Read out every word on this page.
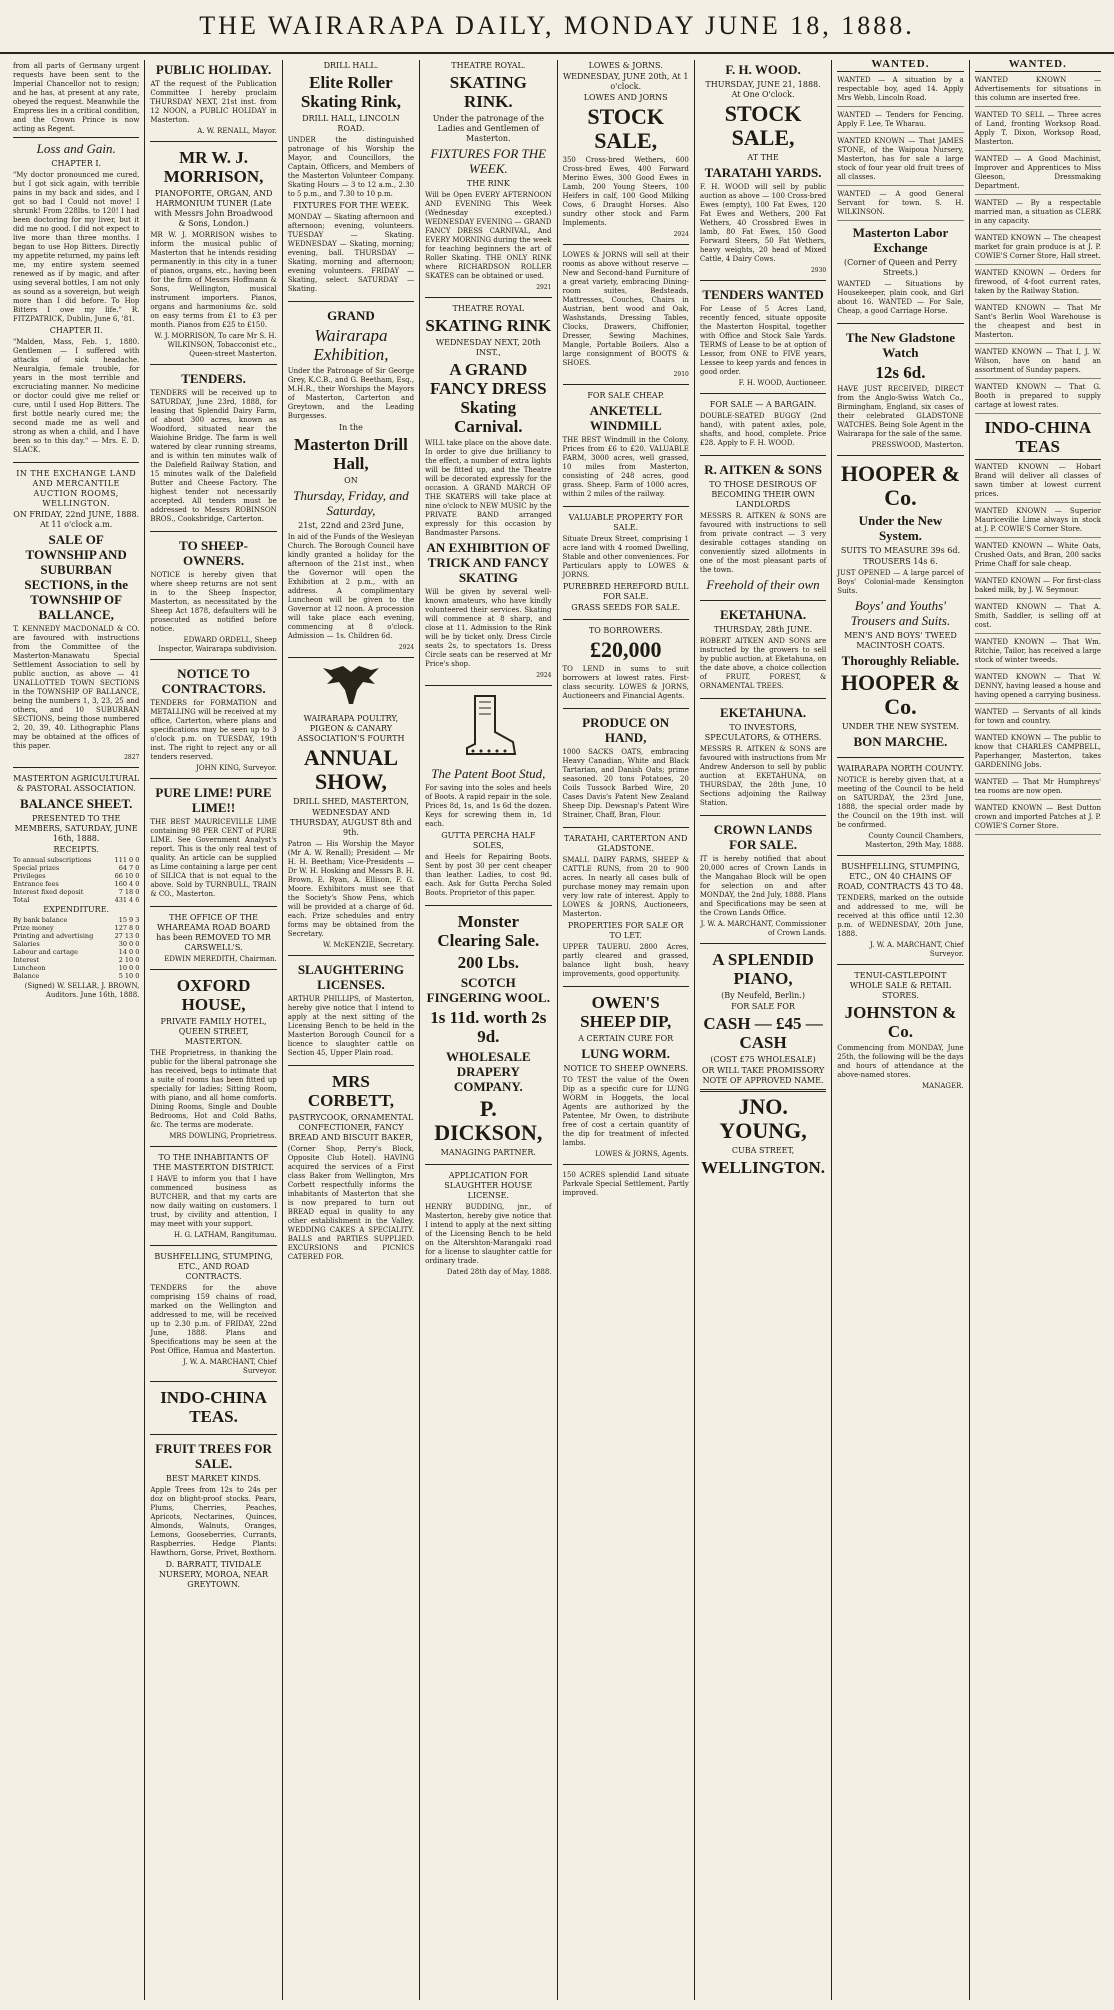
THE WAIRARAPA DAILY, MONDAY JUNE 18, 1888.
from all parts of Germany urgent requests have been sent to the Imperial Chancellor not to resign; and he has, at present at any rate, obeyed the request. Meanwhile the Empress lies in a critical condition, and the Crown Prince is now acting as Regent.
Loss and Gain.
CHAPTER I.
"My doctor pronounced me cured, but I got sick again, with terrible pains in my back and sides, and I got so bad I Could not move! I shrunk! From 228lbs. to 120! I had been doctoring for my liver, but it did me no good. I did not expect to live more than three months. I began to use Hop Bitters. Directly my appetite returned, my pains left me, my entire system seemed renewed as if by magic, and after using several bottles, I am not only as sound as a sovereign, but weigh more than I did before. To Hop Bitters I owe my life." R. FITZPATRICK, Dublin, June 6, '81.
CHAPTER II.
"Malden, Mass, Feb. 1, 1880. Gentlemen — I suffered with attacks of sick headache. Neuralgia, female trouble, for years in the most terrible and excruciating manner. No medicine or doctor could give me relief or cure, until I used Hop Bitters. The first bottle nearly cured me; the second made me as well and strong as when a child, and I have been so to this day." — Mrs. E. D. SLACK.
IN THE EXCHANGE LAND AND MERCANTILE AUCTION ROOMS, WELLINGTON.
ON FRIDAY, 22nd JUNE, 1888. At 11 o'clock a.m.
SALE OF TOWNSHIP AND SUBURBAN SECTIONS, in the TOWNSHIP OF BALLANCE,
T. KENNEDY MACDONALD & CO. are favoured with instructions from the Committee of the Masterton-Manawatu Special Settlement Association to sell by public auction, as above — 41 UNALLOTTED TOWN SECTIONS in the TOWNSHIP OF BALLANCE, being the numbers 1, 3, 23, 25 and others, and 10 SUBURBAN SECTIONS, being those numbered 2, 20, 39, 40. Lithographic Plans may be obtained at the offices of this paper.
2827
MASTERTON AGRICULTURAL & PASTORAL ASSOCIATION.
BALANCE SHEET.
PRESENTED TO THE MEMBERS, SATURDAY, JUNE 16th, 1888.
RECEIPTS.
To annual subscriptions	111 0 0
Special prizes	64 7 0
Privileges	66 10 0
Entrance fees	160 4 0
Interest fixed deposit	7 18 0
Total	431 4 6
EXPENDITURE.
By bank balance	15 9 3
Prize money	127 8 0
Printing and advertising	27 13 0
Salaries	30 0 0
Labour and cartage	14 0 0
Interest	2 10 0
Luncheon	10 0 0
Balance	5 10 0
(Signed) W. SELLAR, J. BROWN, Auditors. June 16th, 1888.
PUBLIC HOLIDAY.
AT the request of the Publication Committee I hereby proclaim THURSDAY NEXT, 21st inst. from 12 NOON, a PUBLIC HOLIDAY in Masterton.
A. W. RENALL, Mayor.
MR W. J. MORRISON,
PIANOFORTE, ORGAN, AND HARMONIUM TUNER (Late with Messrs John Broadwood & Sons, London.)
MR W. J. MORRISON wishes to inform the musical public of Masterton that he intends residing permanently in this city in a tuner of pianos, organs, etc., having been for the firm of Messrs Hoffmann & Sons, Wellington, musical instrument importers. Pianos, organs and harmoniums &c. sold on easy terms from £1 to £3 per month. Pianos from £25 to £150.
W. J. MORRISON, To care Mr S. H. WILKINSON, Tobacconist etc., Queen-street Masterton.
TENDERS.
TENDERS will be received up to SATURDAY, June 23rd, 1888, for leasing that Splendid Dairy Farm, of about 300 acres, known as Woodford, situated near the Waiohine Bridge. The farm is well watered by clear running streams, and is within ten minutes walk of the Dalefield Railway Station, and 15 minutes walk of the Dalefield Butter and Cheese Factory. The highest tender not necessarily accepted. All tenders must be addressed to Messrs ROBINSON BROS., Cooksbridge, Carterton.
TO SHEEP-OWNERS.
NOTICE is hereby given that where sheep returns are not sent in to the Sheep Inspector, Masterton, as necessitated by the Sheep Act 1878, defaulters will be prosecuted as notified before notice.
EDWARD ORDELL, Sheep Inspector, Wairarapa subdivision.
NOTICE TO CONTRACTORS.
TENDERS for FORMATION and METALLING will be received at my office, Carterton, where plans and specifications may be seen up to 3 o'clock p.m. on TUESDAY, 19th inst. The right to reject any or all tenders reserved.
JOHN KING, Surveyor.
PURE LIME! PURE LIME!!
THE BEST MAURICEVILLE LIME containing 98 PER CENT of PURE LIME. See Government Analyst's report. This is the only real test of quality. An article can be supplied as Lime containing a large per cent of SILICA that is not equal to the above. Sold by TURNBULL, TRAIN & CO., Masterton.
THE OFFICE OF THE WHAREAMA ROAD BOARD has been REMOVED TO MR CARSWELL'S.
EDWIN MEREDITH, Chairman.
OXFORD HOUSE,
PRIVATE FAMILY HOTEL, QUEEN STREET, MASTERTON.
THE Proprietress, in thanking the public for the liberal patronage she has received, begs to intimate that a suite of rooms has been fitted up specially for ladies; Sitting Room, with piano, and all home comforts. Dining Rooms, Single and Double Bedrooms, Hot and Cold Baths, &c. The terms are moderate.
MRS DOWLING, Proprietress.
TO THE INHABITANTS OF THE MASTERTON DISTRICT.
I HAVE to inform you that I have commenced business as BUTCHER, and that my carts are now daily waiting on customers. I trust, by civility and attention, I may meet with your support.
H. G. LATHAM, Rangitumau.
BUSHFELLING, STUMPING, ETC., AND ROAD CONTRACTS.
TENDERS for the above comprising 159 chains of road, marked on the Wellington and addressed to me, will be received up to 2.30 p.m. of FRIDAY, 22nd June, 1888. Plans and Specifications may be seen at the Post Office, Hamua and Masterton.
J. W. A. MARCHANT, Chief Surveyor.
INDO-CHINA TEAS.
FRUIT TREES FOR SALE.
BEST MARKET KINDS.
Apple Trees from 12s to 24s per doz on blight-proof stocks. Pears, Plums, Cherries, Peaches, Apricots, Nectarines, Quinces, Almonds, Walnuts, Oranges, Lemons, Gooseberries, Currants, Raspberries. Hedge Plants: Hawthorn, Gorse, Privet, Boxthorn.
D. BARRATT, TIVIDALE NURSERY, MOROA, NEAR GREYTOWN.
DRILL HALL.
Elite Roller Skating Rink,
DRILL HALL, LINCOLN ROAD.
UNDER the distinguished patronage of his Worship the Mayor, and Councillors, the Captain, Officers, and Members of the Masterton Volunteer Company. Skating Hours — 3 to 12 a.m., 2.30 to 5 p.m., and 7.30 to 10 p.m.
FIXTURES FOR THE WEEK.
MONDAY — Skating afternoon and afternoon; evening, volunteers. TUESDAY — Skating. WEDNESDAY — Skating, morning; evening, ball. THURSDAY — Skating, morning and afternoon; evening volunteers. FRIDAY — Skating, select. SATURDAY — Skating.
GRAND
Wairarapa Exhibition,
Under the Patronage of Sir George Grey, K.C.B., and G. Beetham, Esq., M.H.R., their Worships the Mayors of Masterton, Carterton and Greytown, and the Leading Burgesses.
In the
Masterton Drill Hall,
ON
Thursday, Friday, and Saturday,
21st, 22nd and 23rd June,
In aid of the Funds of the Wesleyan Church. The Borough Council have kindly granted a holiday for the afternoon of the 21st inst., when the Governor will open the Exhibition at 2 p.m., with an address. A complimentary Luncheon will be given to the Governor at 12 noon. A procession will take place each evening, commencing at 8 o'clock. Admission — 1s. Children 6d.
2924
WAIRARAPA POULTRY, PIGEON & CANARY ASSOCIATION'S FOURTH
ANNUAL SHOW,
DRILL SHED, MASTERTON,
WEDNESDAY AND THURSDAY, AUGUST 8th and 9th.
Patron — His Worship the Mayor (Mr A. W. Renall); President — Mr H. H. Beetham; Vice-Presidents — Dr W. H. Hosking and Messrs B. H. Brown, E. Ryan, A. Ellison, F. G. Moore. Exhibitors must see that the Society's Show Pens, which will be provided at a charge of 6d. each. Prize schedules and entry forms may be obtained from the Secretary.
W. McKENZIE, Secretary.
SLAUGHTERING LICENSES.
ARTHUR PHILLIPS, of Masterton, hereby give notice that I intend to apply at the next sitting of the Licensing Bench to be held in the Masterton Borough Council for a licence to slaughter cattle on Section 45, Upper Plain road.
MRS CORBETT,
PASTRYCOOK, ORNAMENTAL CONFECTIONER, FANCY BREAD AND BISCUIT BAKER,
(Corner Shop, Perry's Block, Opposite Club Hotel). HAVING acquired the services of a First class Baker from Wellington, Mrs Corbett respectfully informs the inhabitants of Masterton that she is now prepared to turn out BREAD equal in quality to any other establishment in the Valley. WEDDING CAKES A SPECIALITY. BALLS and PARTIES SUPPLIED. EXCURSIONS and PICNICS CATERED FOR.
THEATRE ROYAL.
SKATING RINK.
Under the patronage of the Ladies and Gentlemen of Masterton.
FIXTURES FOR THE WEEK.
THE RINK
Will be Open EVERY AFTERNOON AND EVENING This Week (Wednesday excepted.) WEDNESDAY EVENING — GRAND FANCY DRESS CARNIVAL, And EVERY MORNING during the week for teaching beginners the art of Roller Skating. THE ONLY RINK where RICHARDSON ROLLER SKATES can be obtained or used.
2921
THEATRE ROYAL
SKATING RINK
WEDNESDAY NEXT, 20th INST.,
A GRAND FANCY DRESS Skating Carnival.
WILL take place on the above date. In order to give due brilliancy to the effect, a number of extra lights will be fitted up, and the Theatre will be decorated expressly for the occasion. A GRAND MARCH OF THE SKATERS will take place at nine o'clock to NEW MUSIC by the PRIVATE BAND arranged expressly for this occasion by Bandmaster Parsons.
AN EXHIBITION OF TRICK AND FANCY SKATING
Will be given by several well-known amateurs, who have kindly volunteered their services. Skating will commence at 8 sharp, and close at 11. Admission to the Rink will be by ticket only. Dress Circle seats 2s, to spectators 1s. Dress Circle seats can be reserved at Mr Price's shop.
2924
The Patent Boot Stud,
For saving into the soles and heels of Boots. A rapid repair in the sole. Prices 8d, 1s, and 1s 6d the dozen. Keys for screwing them in, 1d each.
GUTTA PERCHA HALF SOLES,
and Heels for Repairing Boots. Sent by post 30 per cent cheaper than leather. Ladies, to cost 9d. each. Ask for Gutta Percha Soled Boots. Proprietor of this paper.
Monster Clearing Sale.
200 Lbs.
SCOTCH FINGERING WOOL.
1s 11d. worth 2s 9d.
WHOLESALE DRAPERY COMPANY.
P. DICKSON,
MANAGING PARTNER.
APPLICATION FOR SLAUGHTER HOUSE LICENSE.
HENRY BUDDING, jnr., of Masterton, hereby give notice that I intend to apply at the next sitting of the Licensing Bench to be held on the Altershton-Marangaki road for a license to slaughter cattle for ordinary trade.
Dated 28th day of May, 1888.
LOWES & JORNS.
WEDNESDAY, JUNE 20th, At 1 o'clock.
LOWES AND JORNS
STOCK SALE,
350 Cross-bred Wethers, 600 Cross-bred Ewes, 400 Forward Merino Ewes, 300 Good Ewes in Lamb, 200 Young Steers, 100 Heifers in calf, 100 Good Milking Cows, 6 Draught Horses. Also sundry other stock and Farm Implements.
2924
LOWES & JORNS will sell at their rooms as above without reserve — New and Second-hand Furniture of a great variety, embracing Dining-room suites, Bedsteads, Mattresses, Couches, Chairs in Austrian, bent wood and Oak, Washstands, Dressing Tables, Clocks, Drawers, Chiffonier, Dresser, Sewing Machines, Mangle, Portable Boilers. Also a large consignment of BOOTS & SHOES.
2910
FOR SALE CHEAP.
ANKETELL WINDMILL
THE BEST Windmill in the Colony. Prices from £6 to £20. VALUABLE FARM, 3000 acres, well grassed, 10 miles from Masterton, consisting of 248 acres, good grass. Sheep. Farm of 1000 acres, within 2 miles of the railway.
VALUABLE PROPERTY FOR SALE.
Situate Dreux Street, comprising 1 acre land with 4 roomed Dwelling, Stable and other conveniences. For Particulars apply to LOWES & JORNS.
PUREBRED HEREFORD BULL FOR SALE.
GRASS SEEDS FOR SALE.
TO BORROWERS.
£20,000
TO LEND in sums to suit borrowers at lowest rates. First-class security. LOWES & JORNS, Auctioneers and Financial Agents.
PRODUCE ON HAND,
1000 SACKS OATS, embracing Heavy Canadian, White and Black Tartarian, and Danish Oats; prime seasoned. 20 tons Potatoes, 20 Coils Tussock Barbed Wire, 20 Cases Davis's Patent New Zealand Sheep Dip. Dewsnap's Patent Wire Strainer, Chaff, Bran, Flour.
TARATAHI, CARTERTON AND GLADSTONE.
SMALL DAIRY FARMS, SHEEP & CATTLE RUNS, from 20 to 900 acres. In nearly all cases bulk of purchase money may remain upon very low rate of interest. Apply to LOWES & JORNS, Auctioneers, Masterton.
PROPERTIES FOR SALE OR TO LET.
UPPER TAUERU. 2800 Acres, partly cleared and grassed, balance light bush, heavy improvements, good opportunity.
OWEN'S SHEEP DIP,
A CERTAIN CURE FOR
LUNG WORM.
NOTICE TO SHEEP OWNERS.
TO TEST the value of the Owen Dip as a specific cure for LUNG WORM in Hoggets, the local Agents are authorized by the Patentee, Mr Owen, to distribute free of cost a certain quantity of the dip for treatment of infected lambs.
LOWES & JORNS, Agents.
150 ACRES splendid Land situate Parkvale Special Settlement, Partly improved.
F. H. WOOD.
THURSDAY, JUNE 21, 1888. At One O'clock.
STOCK SALE,
AT THE
TARATAHI YARDS.
F. H. WOOD will sell by public auction as above — 100 Cross-bred Ewes (empty), 100 Fat Ewes, 120 Fat Ewes and Wethers, 200 Fat Wethers, 40 Crossbred Ewes in lamb, 80 Fat Ewes, 150 Good Forward Steers, 50 Fat Wethers, heavy weights, 20 head of Mixed Cattle, 4 Dairy Cows.
2930
TENDERS WANTED
For Lease of 5 Acres Land, recently fenced, situate opposite the Masterton Hospital, together with Office and Stock Sale Yards. TERMS of Lease to be at option of Lessor, from ONE to FIVE years, Lessee to keep yards and fences in good order.
F. H. WOOD, Auctioneer.
FOR SALE — A BARGAIN.
DOUBLE-SEATED BUGGY (2nd hand), with patent axles, pole, shafts, and hood, complete. Price £28. Apply to F. H. WOOD.
R. AITKEN & SONS
TO THOSE DESIROUS OF BECOMING THEIR OWN LANDLORDS
MESSRS R. AITKEN & SONS are favoured with instructions to sell from private contract — 3 very desirable cottages standing on conveniently sized allotments in one of the most pleasant parts of the town.
Freehold of their own
EKETAHUNA.
THURSDAY, 28th JUNE.
ROBERT AITKEN AND SONS are instructed by the growers to sell by public auction, at Eketahuna, on the date above, a choice collection of FRUIT, FOREST, & ORNAMENTAL TREES.
EKETAHUNA.
TO INVESTORS, SPECULATORS, & OTHERS.
MESSRS R. AITKEN & SONS are favoured with instructions from Mr Andrew Anderson to sell by public auction at EKETAHUNA, on THURSDAY, the 28th June, 10 Sections adjoining the Railway Station.
CROWN LANDS FOR SALE.
IT is hereby notified that about 20,000 acres of Crown Lands in the Mangahao Block will be open for selection on and after MONDAY, the 2nd July, 1888. Plans and Specifications may be seen at the Crown Lands Office.
J. W. A. MARCHANT, Commissioner of Crown Lands.
A SPLENDID PIANO,
(By Neufeld, Berlin.)
FOR SALE FOR
CASH — £45 — CASH
(COST £75 WHOLESALE)
OR WILL TAKE PROMISSORY NOTE OF APPROVED NAME.
JNO. YOUNG,
CUBA STREET,
WELLINGTON.
WANTED.
WANTED — A situation by a respectable boy, aged 14. Apply Mrs Webb, Lincoln Road.
WANTED — Tenders for Fencing. Apply F. Lee, Te Wharau.
WANTED KNOWN — That JAMES STONE, of the Waipoua Nursery, Masterton, has for sale a large stock of four year old fruit trees of all classes.
WANTED — A good General Servant for town. S. H. WILKINSON.
Masterton Labor Exchange
(Corner of Queen and Perry Streets.)
WANTED — Situations by Housekeeper, plain cook, and Girl about 16. WANTED — For Sale, Cheap, a good Carriage Horse.
The New Gladstone Watch
12s 6d.
HAVE JUST RECEIVED, DIRECT from the Anglo-Swiss Watch Co., Birmingham, England, six cases of their celebrated GLADSTONE WATCHES. Being Sole Agent in the Wairarapa for the sale of the same.
PRESSWOOD, Masterton.
HOOPER & Co.
Under the New System.
SUITS TO MEASURE 39s 6d.
TROUSERS 14s 6.
JUST OPENED — A large parcel of Boys' Colonial-made Kensington Suits.
Boys' and Youths' Trousers and Suits.
MEN'S AND BOYS' TWEED MACINTOSH COATS.
Thoroughly Reliable.
HOOPER & Co.
UNDER THE NEW SYSTEM.
BON MARCHE.
WAIRARAPA NORTH COUNTY.
NOTICE is hereby given that, at a meeting of the Council to be held on SATURDAY, the 23rd June, 1888, the special order made by the Council on the 19th inst. will be confirmed.
County Council Chambers, Masterton, 29th May, 1888.
BUSHFELLING, STUMPING, ETC., ON 40 CHAINS OF ROAD, CONTRACTS 43 TO 48.
TENDERS, marked on the outside and addressed to me, will be received at this office until 12.30 p.m. of WEDNESDAY, 20th June, 1888.
J. W. A. MARCHANT, Chief Surveyor.
TENUI-CASTLEPOINT WHOLE SALE & RETAIL STORES.
JOHNSTON & Co.
Commencing from MONDAY, June 25th, the following will be the days and hours of attendance at the above-named stores.
MANAGER.
WANTED.
WANTED KNOWN — Advertisements for situations in this column are inserted free.
WANTED TO SELL — Three acres of Land, fronting Worksop Road. Apply T. Dixon, Worksop Road, Masterton.
WANTED — A Good Machinist, Improver and Apprentices to Miss Gleeson, Dressmaking Department.
WANTED — By a respectable married man, a situation as CLERK in any capacity.
WANTED KNOWN — The cheapest market for grain produce is at J. P. COWIE'S Corner Store, Hall street.
WANTED KNOWN — Orders for firewood, of 4-foot current rates, taken by the Railway Station.
WANTED KNOWN — That Mr Sant's Berlin Wool Warehouse is the cheapest and best in Masterton.
WANTED KNOWN — That I, J. W. Wilson, have on hand an assortment of Sunday papers.
WANTED KNOWN — That G. Booth is prepared to supply cartage at lowest rates.
INDO-CHINA TEAS
WANTED KNOWN — Hobart Brand will deliver all classes of sawn timber at lowest current prices.
WANTED KNOWN — Superior Mauricevilie Lime always in stock at J. P. COWIE'S Corner Store.
WANTED KNOWN — White Oats, Crushed Oats, and Bran, 200 sacks Prime Chaff for sale cheap.
WANTED KNOWN — For first-class baked milk, by J. W. Seymour.
WANTED KNOWN — That A. Smith, Saddler, is selling off at cost.
WANTED KNOWN — That Wm. Ritchie, Tailor, has received a large stock of winter tweeds.
WANTED KNOWN — That W. DENNY, having leased a house and having opened a carrying business.
WANTED — Servants of all kinds for town and country.
WANTED KNOWN — The public to know that CHARLES CAMPBELL, Paperhanger, Masterton, takes GARDENING Jobs.
WANTED — That Mr Humphreys' tea rooms are now open.
WANTED KNOWN — Best Dutton crown and imported Patches at J. P. COWIE'S Corner Store.
